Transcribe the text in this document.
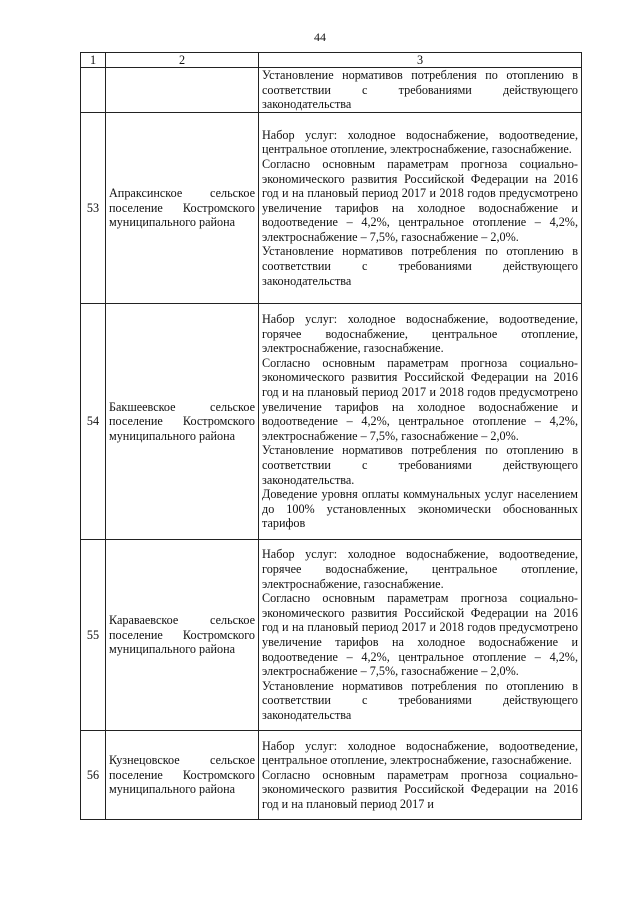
44
1	2	3

		Установление нормативов потребления по отоплению в соответствии с требованиями действующего законодательства

53	Апраксинское сельское поселение Костромского муниципального района	Набор услуг: холодное водоснабжение, водоотведение, центральное отопление, электроснабжение, газоснабжение.
Согласно основным параметрам прогноза социально-экономического развития Российской Федерации на 2016 год и на плановый период 2017 и 2018 годов предусмотрено увеличение тарифов на холодное водоснабжение и водоотведение – 4,2%, центральное отопление – 4,2%, электроснабжение – 7,5%, газоснабжение – 2,0%.
Установление нормативов потребления по отоплению в соответствии с требованиями действующего законодательства

54	Бакшеевское сельское поселение Костромского муниципального района	Набор услуг: холодное водоснабжение, водоотведение, горячее водоснабжение, центральное отопление, электроснабжение, газоснабжение.
Согласно основным параметрам прогноза социально-экономического развития Российской Федерации на 2016 год и на плановый период 2017 и 2018 годов предусмотрено увеличение тарифов на холодное водоснабжение и водоотведение – 4,2%, центральное отопление – 4,2%, электроснабжение – 7,5%, газоснабжение – 2,0%.
Установление нормативов потребления по отоплению в соответствии с требованиями действующего законодательства.
Доведение уровня оплаты коммунальных услуг населением до 100% установленных экономически обоснованных тарифов

55	Караваевское сельское поселение Костромского муниципального района	Набор услуг: холодное водоснабжение, водоотведение, горячее водоснабжение, центральное отопление, электроснабжение, газоснабжение.
Согласно основным параметрам прогноза социально-экономического развития Российской Федерации на 2016 год и на плановый период 2017 и 2018 годов предусмотрено увеличение тарифов на холодное водоснабжение и водоотведение – 4,2%, центральное отопление – 4,2%, электроснабжение – 7,5%, газоснабжение – 2,0%.
Установление нормативов потребления по отоплению в соответствии с требованиями действующего законодательства

56	Кузнецовское сельское поселение Костромского муниципального района	Набор услуг: холодное водоснабжение, водоотведение, центральное отопление, электроснабжение, газоснабжение.
Согласно основным параметрам прогноза социально-экономического развития Российской Федерации на 2016 год и на плановый период 2017 и
